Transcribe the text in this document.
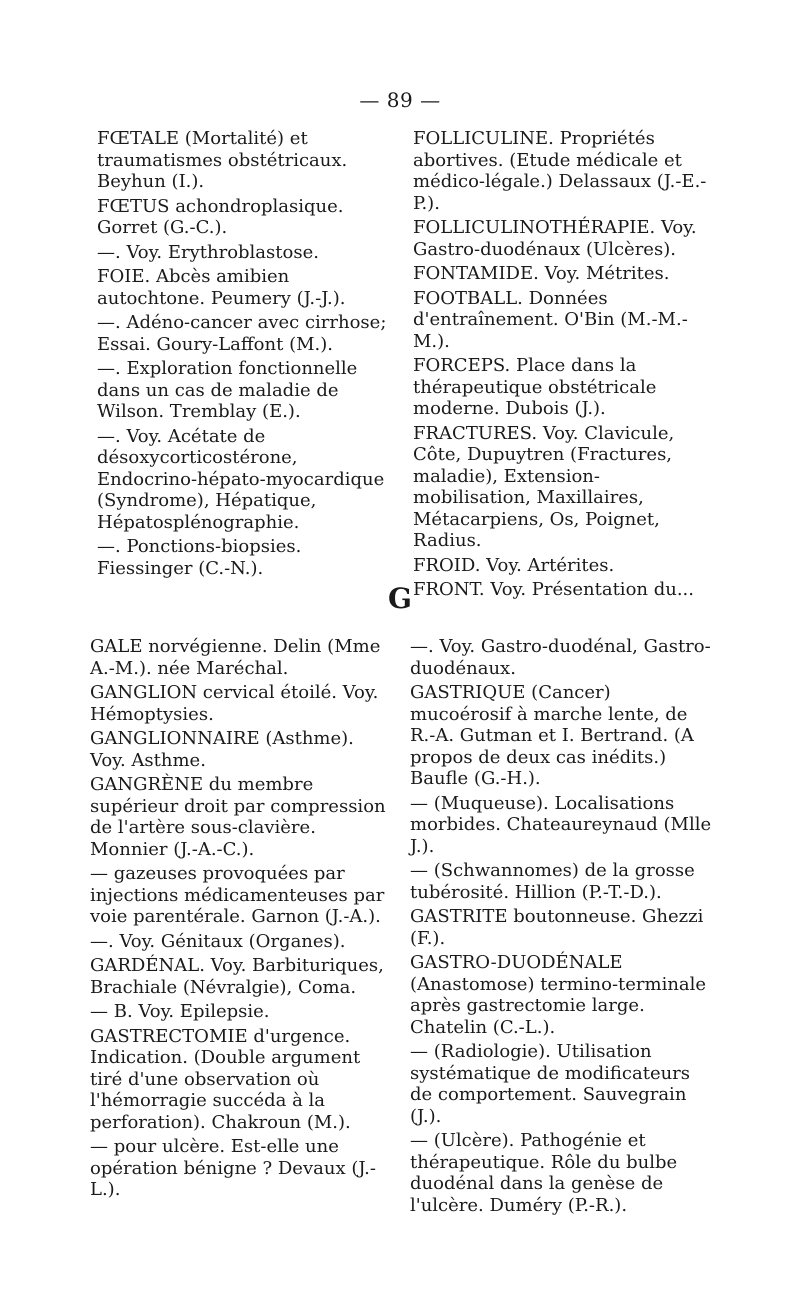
— 89 —

FŒTALE (Mortalité) et traumatismes obstétricaux. Beyhun (I.).

FŒTUS achondroplasique. Gorret (G.-C.).

—. Voy. Erythroblastose.

FOIE. Abcès amibien autochtone. Peumery (J.-J.).

—. Adéno-cancer avec cirrhose; Essai. Goury-Laffont (M.).

—. Exploration fonctionnelle dans un cas de maladie de Wilson. Tremblay (E.).

—. Voy. Acétate de désoxycorticostérone, Endocrino-hépato-myocardique (Syndrome), Hépatique, Hépatosplénographie.

—. Ponctions-biopsies. Fiessinger (C.-N.).

FOLLICULINE. Propriétés abortives. (Etude médicale et médico-légale.) Delassaux (J.-E.-P.).

FOLLICULINOTHÉRAPIE. Voy. Gastro-duodénaux (Ulcères).

FONTAMIDE. Voy. Métrites.

FOOTBALL. Données d'entraînement. O'Bin (M.-M.-M.).

FORCEPS. Place dans la thérapeutique obstétricale moderne. Dubois (J.).

FRACTURES. Voy. Clavicule, Côte, Dupuytren (Fractures, maladie), Extension-mobilisation, Maxillaires, Métacarpiens, Os, Poignet, Radius.

FROID. Voy. Artérites.

FRONT. Voy. Présentation du...

G

GALE norvégienne. Delin (Mme A.-M.). née Maréchal.

GANGLION cervical étoilé. Voy. Hémoptysies.

GANGLIONNAIRE (Asthme). Voy. Asthme.

GANGRÈNE du membre supérieur droit par compression de l'artère sous-clavière. Monnier (J.-A.-C.).

— gazeuses provoquées par injections médicamenteuses par voie parentérale. Garnon (J.-A.).

—. Voy. Génitaux (Organes).

GARDÉNAL. Voy. Barbituriques, Brachiale (Névralgie), Coma.

— B. Voy. Epilepsie.

GASTRECTOMIE d'urgence. Indication. (Double argument tiré d'une observation où l'hémorragie succéda à la perforation). Chakroun (M.).

— pour ulcère. Est-elle une opération bénigne ? Devaux (J.-L.).

—. Voy. Gastro-duodénal, Gastro-duodénaux.

GASTRIQUE (Cancer) mucoérosif à marche lente, de R.-A. Gutman et I. Bertrand. (A propos de deux cas inédits.) Baufle (G.-H.).

— (Muqueuse). Localisations morbides. Chateaureynaud (Mlle J.).

— (Schwannomes) de la grosse tubérosité. Hillion (P.-T.-D.).

GASTRITE boutonneuse. Ghezzi (F.).

GASTRO-DUODÉNALE (Anastomose) termino-terminale après gastrectomie large. Chatelin (C.-L.).

— (Radiologie). Utilisation systématique de modificateurs de comportement. Sauvegrain (J.).

— (Ulcère). Pathogénie et thérapeutique. Rôle du bulbe duodénal dans la genèse de l'ulcère. Duméry (P.-R.).
